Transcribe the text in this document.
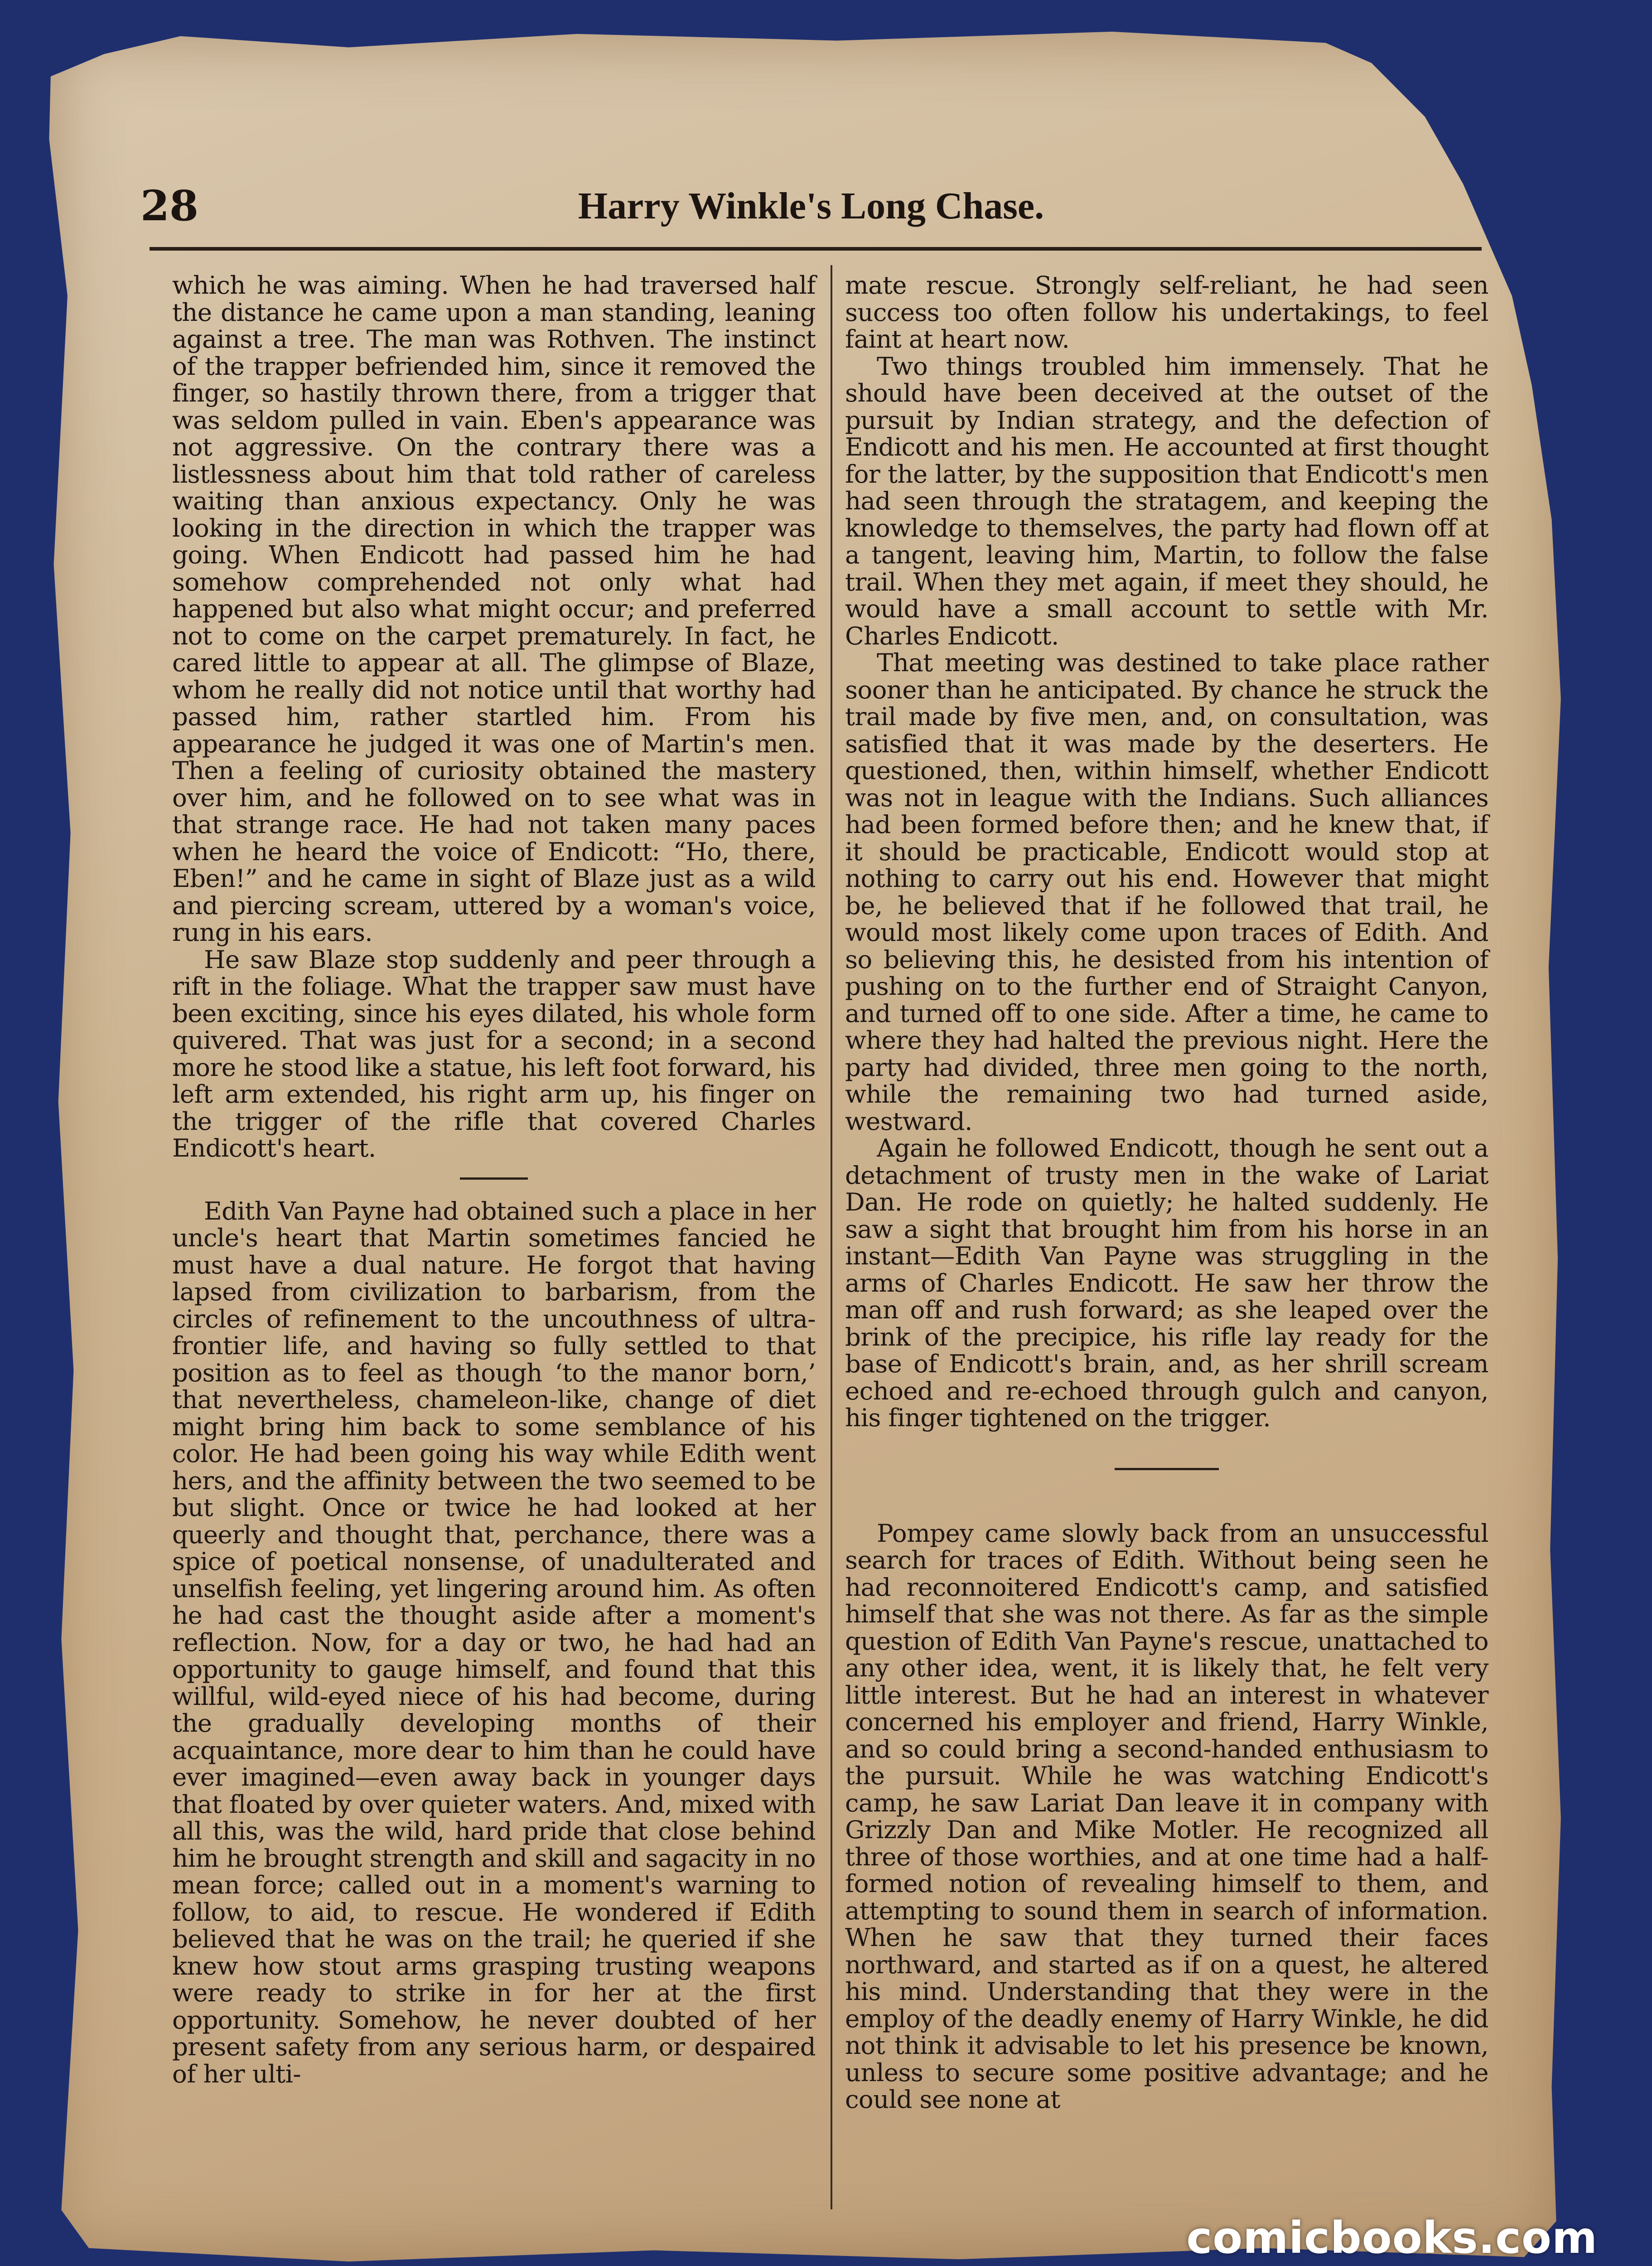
28	Harry Winkle's Long Chase.

which he was aiming. When he had traversed half the distance he came upon a man standing, leaning against a tree. The man was Rothven. The instinct of the trapper befriended him, since it removed the finger, so hastily thrown there, from a trigger that was seldom pulled in vain. Eben's appearance was not aggressive. On the contrary there was a listlessness about him that told rather of careless waiting than anxious expectancy. Only he was looking in the direction in which the trapper was going. When Endicott had passed him he had somehow comprehended not only what had happened but also what might occur; and preferred not to come on the carpet prematurely. In fact, he cared little to appear at all. The glimpse of Blaze, whom he really did not notice until that worthy had passed him, rather startled him. From his appearance he judged it was one of Martin's men. Then a feeling of curiosity obtained the mastery over him, and he followed on to see what was in that strange race. He had not taken many paces when he heard the voice of Endicott: “Ho, there, Eben!” and he came in sight of Blaze just as a wild and piercing scream, uttered by a woman's voice, rung in his ears.

He saw Blaze stop suddenly and peer through a rift in the foliage. What the trapper saw must have been exciting, since his eyes dilated, his whole form quivered. That was just for a second; in a second more he stood like a statue, his left foot forward, his left arm extended, his right arm up, his finger on the trigger of the rifle that covered Charles Endicott's heart.

Edith Van Payne had obtained such a place in her uncle's heart that Martin sometimes fancied he must have a dual nature. He forgot that having lapsed from civilization to barbarism, from the circles of refinement to the uncouthness of ultra-frontier life, and having so fully settled to that position as to feel as though ‘to the manor born,’ that nevertheless, chameleon-like, change of diet might bring him back to some semblance of his color. He had been going his way while Edith went hers, and the affinity between the two seemed to be but slight. Once or twice he had looked at her queerly and thought that, perchance, there was a spice of poetical nonsense, of unadulterated and unselfish feeling, yet lingering around him. As often he had cast the thought aside after a moment's reflection. Now, for a day or two, he had had an opportunity to gauge himself, and found that this willful, wild-eyed niece of his had become, during the gradually developing months of their acquaintance, more dear to him than he could have ever imagined—even away back in younger days that floated by over quieter waters. And, mixed with all this, was the wild, hard pride that close behind him he brought strength and skill and sagacity in no mean force; called out in a moment's warning to follow, to aid, to rescue. He wondered if Edith believed that he was on the trail; he queried if she knew how stout arms grasping trusting weapons were ready to strike in for her at the first opportunity. Somehow, he never doubted of her present safety from any serious harm, or despaired of her ulti-

mate rescue. Strongly self-reliant, he had seen success too often follow his undertakings, to feel faint at heart now.

Two things troubled him immensely. That he should have been deceived at the outset of the pursuit by Indian strategy, and the defection of Endicott and his men. He accounted at first thought for the latter, by the supposition that Endicott's men had seen through the stratagem, and keeping the knowledge to themselves, the party had flown off at a tangent, leaving him, Martin, to follow the false trail. When they met again, if meet they should, he would have a small account to settle with Mr. Charles Endicott.

That meeting was destined to take place rather sooner than he anticipated. By chance he struck the trail made by five men, and, on consultation, was satisfied that it was made by the deserters. He questioned, then, within himself, whether Endicott was not in league with the Indians. Such alliances had been formed before then; and he knew that, if it should be practicable, Endicott would stop at nothing to carry out his end. However that might be, he believed that if he followed that trail, he would most likely come upon traces of Edith. And so believing this, he desisted from his intention of pushing on to the further end of Straight Canyon, and turned off to one side. After a time, he came to where they had halted the previous night. Here the party had divided, three men going to the north, while the remaining two had turned aside, westward.

Again he followed Endicott, though he sent out a detachment of trusty men in the wake of Lariat Dan. He rode on quietly; he halted suddenly. He saw a sight that brought him from his horse in an instant—Edith Van Payne was struggling in the arms of Charles Endicott. He saw her throw the man off and rush forward; as she leaped over the brink of the precipice, his rifle lay ready for the base of Endicott's brain, and, as her shrill scream echoed and re-echoed through gulch and canyon, his finger tightened on the trigger.

Pompey came slowly back from an unsuccessful search for traces of Edith. Without being seen he had reconnoitered Endicott's camp, and satisfied himself that she was not there. As far as the simple question of Edith Van Payne's rescue, unattached to any other idea, went, it is likely that, he felt very little interest. But he had an interest in whatever concerned his employer and friend, Harry Winkle, and so could bring a second-handed enthusiasm to the pursuit. While he was watching Endicott's camp, he saw Lariat Dan leave it in company with Grizzly Dan and Mike Motler. He recognized all three of those worthies, and at one time had a half-formed notion of revealing himself to them, and attempting to sound them in search of information. When he saw that they turned their faces northward, and started as if on a quest, he altered his mind. Understanding that they were in the employ of the deadly enemy of Harry Winkle, he did not think it advisable to let his presence be known, unless to secure some positive advantage; and he could see none at

comicbooks.com
